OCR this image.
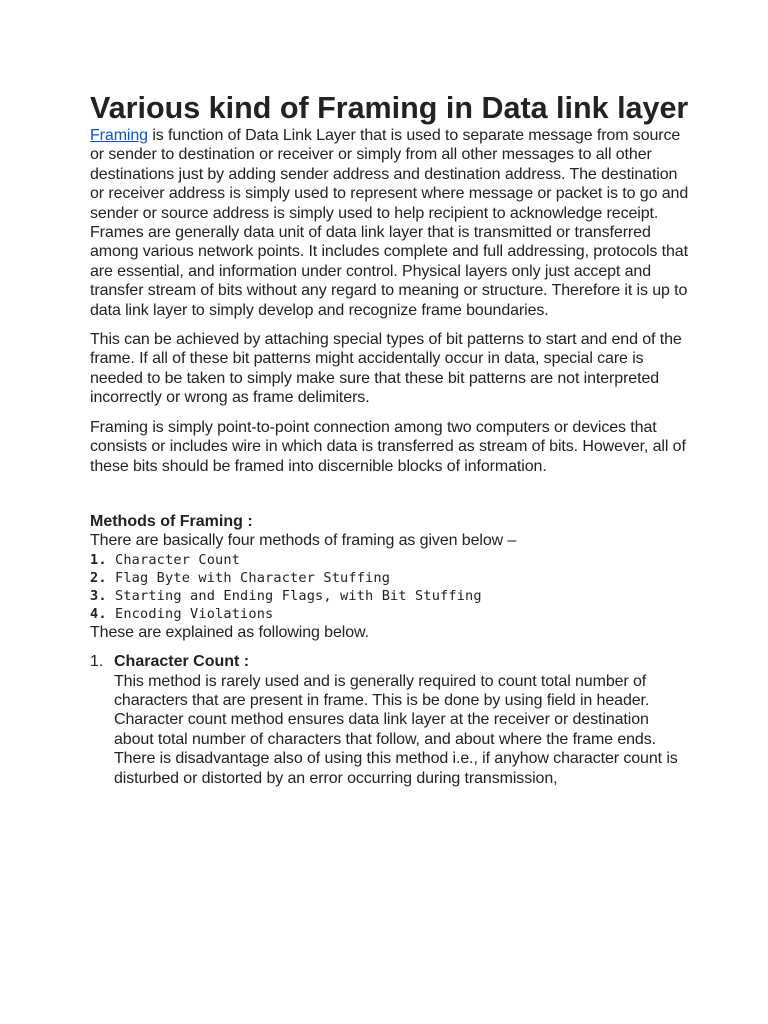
Various kind of Framing in Data link layer

Framing is function of Data Link Layer that is used to separate message from source or sender to destination or receiver or simply from all other messages to all other destinations just by adding sender address and destination address. The destination or receiver address is simply used to represent where message or packet is to go and sender or source address is simply used to help recipient to acknowledge receipt.

Frames are generally data unit of data link layer that is transmitted or transferred among various network points. It includes complete and full addressing, protocols that are essential, and information under control. Physical layers only just accept and transfer stream of bits without any regard to meaning or structure. Therefore it is up to data link layer to simply develop and recognize frame boundaries.

This can be achieved by attaching special types of bit patterns to start and end of the frame. If all of these bit patterns might accidentally occur in data, special care is needed to be taken to simply make sure that these bit patterns are not interpreted incorrectly or wrong as frame delimiters.

Framing is simply point-to-point connection among two computers or devices that consists or includes wire in which data is transferred as stream of bits. However, all of these bits should be framed into discernible blocks of information.

Methods of Framing :

There are basically four methods of framing as given below –

1. Character Count
2. Flag Byte with Character Stuffing
3. Starting and Ending Flags, with Bit Stuffing
4. Encoding Violations

These are explained as following below.

1. Character Count :

This method is rarely used and is generally required to count total number of characters that are present in frame. This is be done by using field in header. Character count method ensures data link layer at the receiver or destination about total number of characters that follow, and about where the frame ends.

There is disadvantage also of using this method i.e., if anyhow character count is disturbed or distorted by an error occurring during transmission,
